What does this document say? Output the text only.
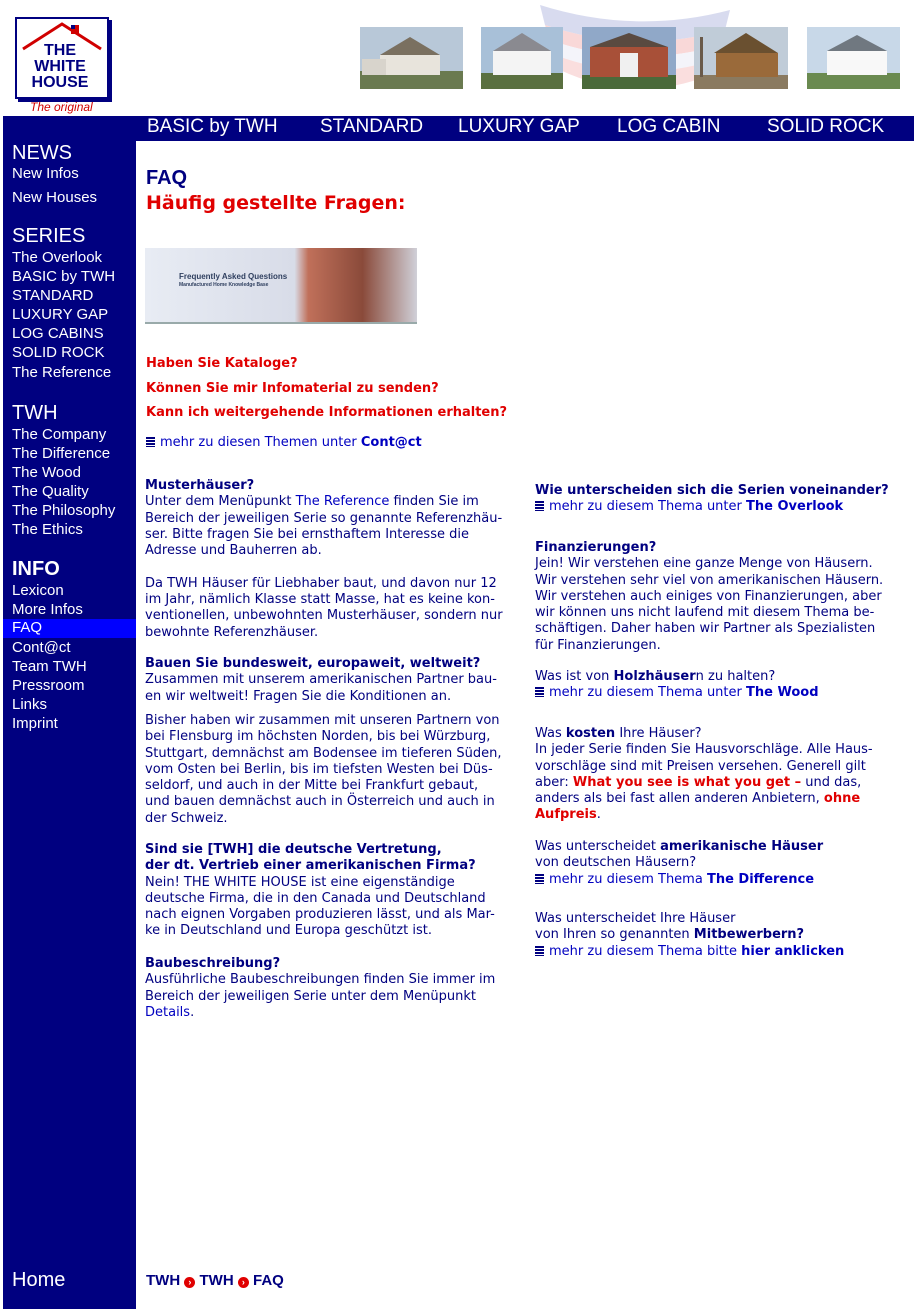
THE
WHITE
HOUSE
The original
BASIC by TWH STANDARD LUXURY GAP LOG CABIN SOLID ROCK
NEWS
New Infos
New Houses
SERIES
The Overlook
BASIC by TWH
STANDARD
LUXURY GAP
LOG CABINS
SOLID ROCK
The Reference
TWH
The Company
The Difference
The Wood
The Quality
The Philosophy
The Ethics
INFO
Lexicon
More Infos
FAQ
Cont@ct
Team TWH
Pressroom
Links
Imprint
Home
FAQ
Häufig gestellte Fragen:
Frequently Asked Questions
Manufactured Home Knowledge Base
Haben Sie Kataloge?
Können Sie mir Infomaterial zu senden?
Kann ich weitergehende Informationen erhalten?
mehr zu diesen Themen unter Cont@ct
Musterhäuser?
Unter dem Menüpunkt The Reference finden Sie im
Bereich der jeweiligen Serie so genannte Referenzhäu-
ser. Bitte fragen Sie bei ernsthaftem Interesse die
Adresse und Bauherren ab.

Da TWH Häuser für Liebhaber baut, und davon nur 12
im Jahr, nämlich Klasse statt Masse, hat es keine kon-
ventionellen, unbewohnten Musterhäuser, sondern nur
bewohnte Referenzhäuser.
Bauen Sie bundesweit, europaweit, weltweit?
Zusammen mit unserem amerikanischen Partner bau-
en wir weltweit! Fragen Sie die Konditionen an.
Bisher haben wir zusammen mit unseren Partnern von
bei Flensburg im höchsten Norden, bis bei Würzburg,
Stuttgart, demnächst am Bodensee im tieferen Süden,
vom Osten bei Berlin, bis im tiefsten Westen bei Düs-
seldorf, und auch in der Mitte bei Frankfurt gebaut,
und bauen demnächst auch in Österreich und auch in
der Schweiz.
Sind sie [TWH] die deutsche Vertretung,
der dt. Vertrieb einer amerikanischen Firma?
Nein! THE WHITE HOUSE ist eine eigenständige
deutsche Firma, die in den Canada und Deutschland
nach eignen Vorgaben produzieren lässt, und als Mar-
ke in Deutschland und Europa geschützt ist.
Baubeschreibung?
Ausführliche Baubeschreibungen finden Sie immer im
Bereich der jeweiligen Serie unter dem Menüpunkt
Details.
Wie unterscheiden sich die Serien voneinander?
mehr zu diesem Thema unter The Overlook
Finanzierungen?
Jein! Wir verstehen eine ganze Menge von Häusern.
Wir verstehen sehr viel von amerikanischen Häusern.
Wir verstehen auch einiges von Finanzierungen, aber
wir können uns nicht laufend mit diesem Thema be-
schäftigen. Daher haben wir Partner als Spezialisten
für Finanzierungen.
Was ist von Holzhäusern zu halten?
mehr zu diesem Thema unter The Wood
Was kosten Ihre Häuser?
In jeder Serie finden Sie Hausvorschläge. Alle Haus-
vorschläge sind mit Preisen versehen. Generell gilt
aber: What you see is what you get – und das,
anders als bei fast allen anderen Anbietern, ohne
Aufpreis.
Was unterscheidet amerikanische Häuser
von deutschen Häusern?
mehr zu diesem Thema The Difference
Was unterscheidet Ihre Häuser
von Ihren so genannten Mitbewerbern?
mehr zu diesem Thema bitte hier anklicken
TWH › TWH › FAQ
